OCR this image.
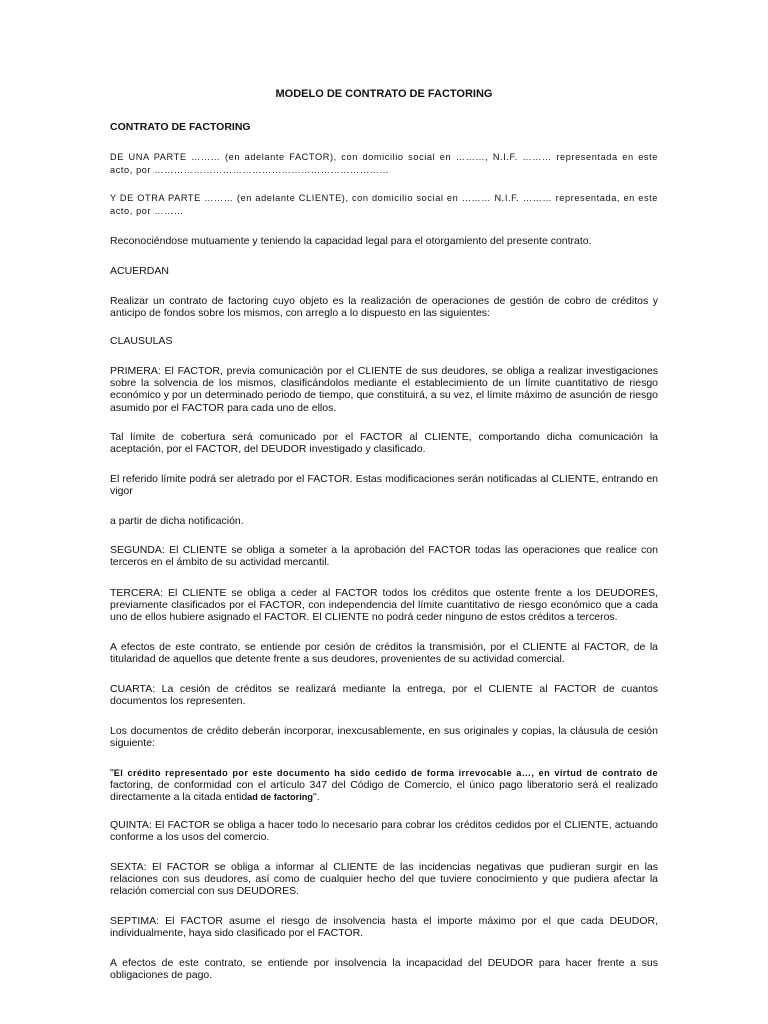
MODELO DE CONTRATO DE FACTORING

CONTRATO DE FACTORING

DE UNA PARTE ……… (en adelante FACTOR), con domicilio social en ………, N.I.F. ……… representada en este acto, por ………………………………………………………………

Y DE OTRA PARTE ……… (en adelante CLIENTE), con domicilio social en ……… N.I.F. ……… representada, en este acto, por ………

Reconociéndose mutuamente y teniendo la capacidad legal para el otorgamiento del presente contrato.

ACUERDAN

Realizar un contrato de factoring cuyo objeto es la realización de operaciones de gestión de cobro de créditos y anticipo de fondos sobre los mismos, con arreglo a lo dispuesto en las siguientes:

CLAUSULAS

PRIMERA: El FACTOR, previa comunicación por el CLIENTE de sus deudores, se obliga a realizar investigaciones sobre la solvencia de los mismos, clasificándolos mediante el establecimiento de un límite cuantitativo de riesgo económico y por un determinado periodo de tiempo, que constituirá, a su vez, el límite máximo de asunción de riesgo asumido por el FACTOR para cada uno de ellos.

Tal límite de cobertura será comunicado por el FACTOR al CLIENTE, comportando dicha comunicación la aceptación, por el FACTOR, del DEUDOR investigado y clasificado.

El referido límite podrá ser aletrado por el FACTOR. Estas modificaciones serán notificadas al CLIENTE, entrando en vigor

a partir de dicha notificación.

SEGUNDA: El CLIENTE se obliga a someter a la aprobación del FACTOR todas las operaciones que realice con terceros en el ámbito de su actividad mercantil.

TERCERA: El CLIENTE se obliga a ceder al FACTOR todos los créditos que ostente frente a los DEUDORES, previamente clasificados por el FACTOR, con independencia del límite cuantitativo de riesgo económico que a cada uno de ellos hubiere asignado el FACTOR. El CLIENTE no podrá ceder ninguno de estos créditos a terceros.

A efectos de este contrato, se entiende por cesión de créditos la transmisión, por el CLIENTE al FACTOR, de la titularidad de aquellos que detente frente a sus deudores, provenientes de su actividad comercial.

CUARTA: La cesión de créditos se realizará mediante la entrega, por el CLIENTE al FACTOR de cuantos documentos los representen.

Los documentos de crédito deberán incorporar, inexcusablemente, en sus originales y copias, la cláusula de cesión siguiente:

"El crédito representado por este documento ha sido cedido de forma irrevocable a…, en virtud de contrato de factoring, de conformidad con el artículo 347 del Código de Comercio, el único pago liberatorio será el realizado directamente a la citada entidad de factoring".

QUINTA: El FACTOR se obliga a hacer todo lo necesario para cobrar los créditos cedidos por el CLIENTE, actuando conforme a los usos del comercio.

SEXTA: El FACTOR se obliga a informar al CLIENTE de las incidencias negativas que pudieran surgir en las relaciones con sus deudores, así como de cualquier hecho del que tuviere conocimiento y que pudiera afectar la relación comercial con sus DEUDORES.

SEPTIMA: El FACTOR asume el riesgo de insolvencia hasta el importe máximo por el que cada DEUDOR, individualmente, haya sido clasificado por el FACTOR.

A efectos de este contrato, se entiende por insolvencia la incapacidad del DEUDOR para hacer frente a sus obligaciones de pago.
